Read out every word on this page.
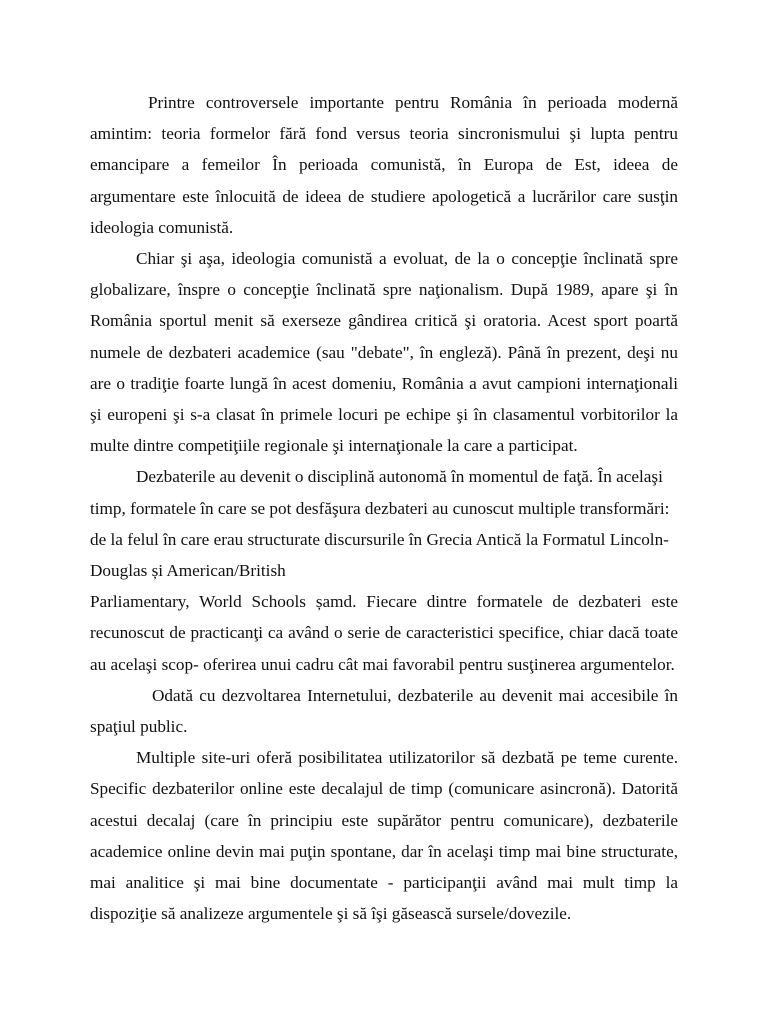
Printre controversele importante pentru România în perioada modernă amintim: teoria formelor fără fond versus teoria sincronismului şi lupta pentru emancipare a femeilor În perioada comunistă, în Europa de Est, ideea de argumentare este înlocuită de ideea de studiere apologetică a lucrărilor care susţin ideologia comunistă.

Chiar şi aşa, ideologia comunistă a evoluat, de la o concepţie înclinată spre globalizare, înspre o concepţie înclinată spre naţionalism. După 1989, apare şi în România sportul menit să exerseze gândirea critică şi oratoria. Acest sport poartă numele de dezbateri academice (sau "debate", în engleză). Până în prezent, deşi nu are o tradiţie foarte lungă în acest domeniu, România a avut campioni internaţionali şi europeni şi s-a clasat în primele locuri pe echipe şi în clasamentul vorbitorilor la multe dintre competiţiile regionale şi internaţionale la care a participat.

Dezbaterile au devenit o disciplină autonomă în momentul de faţă. În acelaşi timp, formatele în care se pot desfăşura dezbateri au cunoscut multiple transformări: de la felul în care erau structurate discursurile în Grecia Antică la Formatul Lincoln-Douglas și American/British

Parliamentary, World Schools șamd. Fiecare dintre formatele de dezbateri este recunoscut de practicanţi ca având o serie de caracteristici specifice, chiar dacă toate au acelaşi scop- oferirea unui cadru cât mai favorabil pentru susţinerea argumentelor.

Odată cu dezvoltarea Internetului, dezbaterile au devenit mai accesibile în spaţiul public.

Multiple site-uri oferă posibilitatea utilizatorilor să dezbată pe teme curente. Specific dezbaterilor online este decalajul de timp (comunicare asincronă). Datorită acestui decalaj (care în principiu este supărător pentru comunicare), dezbaterile academice online devin mai puţin spontane, dar în acelaşi timp mai bine structurate, mai analitice şi mai bine documentate - participanţii având mai mult timp la dispoziţie să analizeze argumentele şi să îşi găsească sursele/dovezile.
